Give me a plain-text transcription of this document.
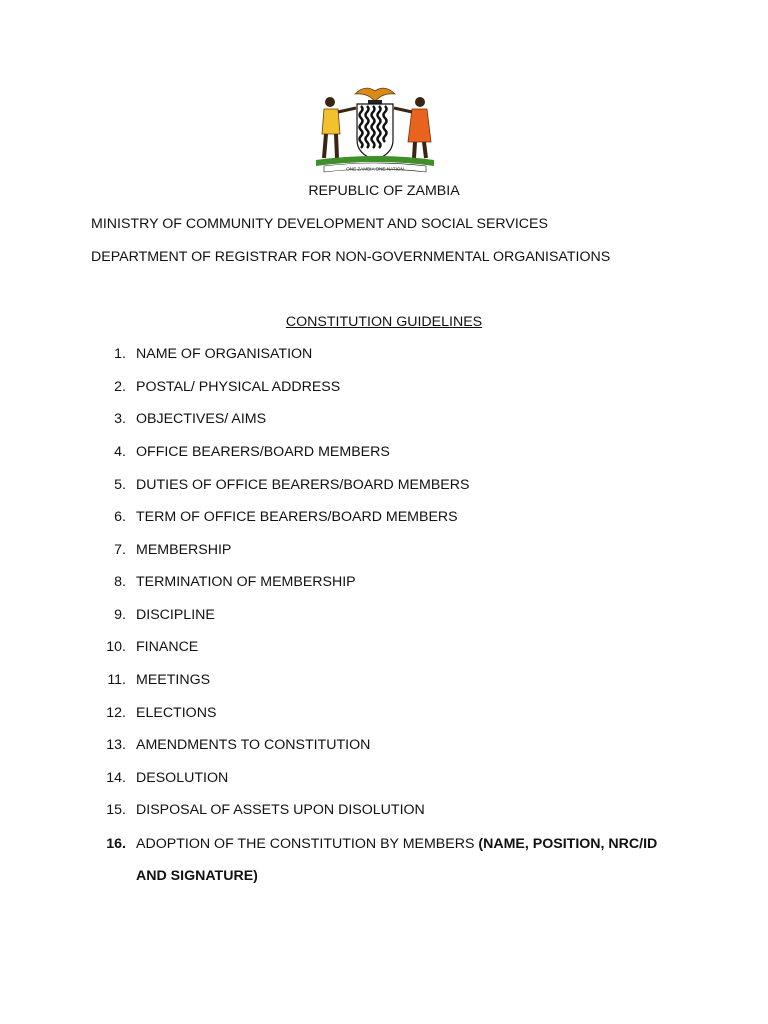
ONE ZAMBIA ONE NATION
REPUBLIC OF ZAMBIA
MINISTRY OF COMMUNITY DEVELOPMENT AND SOCIAL SERVICES
DEPARTMENT OF REGISTRAR FOR NON-GOVERNMENTAL ORGANISATIONS
CONSTITUTION GUIDELINES
1. NAME OF ORGANISATION
2. POSTAL/ PHYSICAL ADDRESS
3. OBJECTIVES/ AIMS
4. OFFICE BEARERS/BOARD MEMBERS
5. DUTIES OF OFFICE BEARERS/BOARD MEMBERS
6. TERM OF OFFICE BEARERS/BOARD MEMBERS
7. MEMBERSHIP
8. TERMINATION OF MEMBERSHIP
9. DISCIPLINE
10. FINANCE
11. MEETINGS
12. ELECTIONS
13. AMENDMENTS TO CONSTITUTION
14. DESOLUTION
15. DISPOSAL OF ASSETS UPON DISOLUTION
16. ADOPTION OF THE CONSTITUTION BY MEMBERS (NAME, POSITION, NRC/ID
AND SIGNATURE)
